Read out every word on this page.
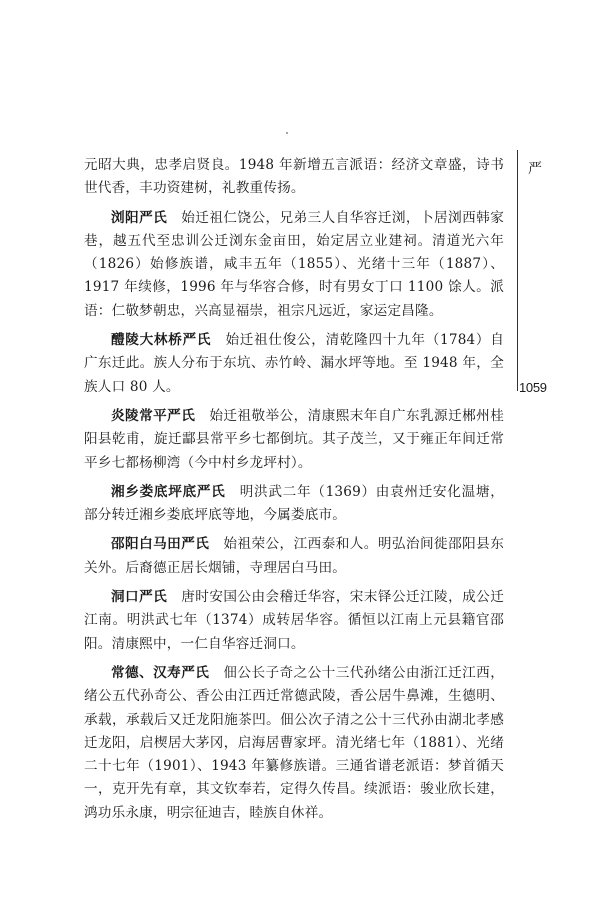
元昭大典，忠孝启贤良。1948 年新增五言派语：经济文章盛，诗书世代香，丰功资建树，礼教重传扬。

浏阳严氏　 始迁祖仁饶公，兄弟三人自华容迁浏，卜居浏西韩家巷，越五代至忠训公迁浏东金亩田，始定居立业建祠。清道光六年（1826）始修族谱，咸丰五年（1855）、光绪十三年（1887）、1917 年续修，1996 年与华容合修，时有男女丁口 1100 馀人。派语：仁敬梦朝忠，兴高显福崇，祖宗凡远近，家运定昌隆。

醴陵大林桥严氏　 始迁祖仕俊公，清乾隆四十九年（1784）自广东迁此。族人分布于东坑、赤竹岭、漏水坪等地。至 1948 年，全族人口 80 人。

炎陵常平严氏　 始迁祖敬举公，清康熙末年自广东乳源迁郴州桂阳县乾甫，旋迁酃县常平乡七都倒坑。其子茂兰，又于雍正年间迁常平乡七都杨柳湾（今中村乡龙坪村）。

湘乡娄底坪底严氏　 明洪武二年（1369）由袁州迁安化温塘，部分转迁湘乡娄底坪底等地，今属娄底市。

邵阳白马田严氏　 始祖荣公，江西泰和人。明弘治间徙邵阳县东关外。后裔德正居长烟铺，寺理居白马田。

洞口严氏　 唐时安国公由会稽迁华容，宋末铎公迁江陵，成公迁江南。明洪武七年（1374）成转居华容。循恒以江南上元县籍官邵阳。清康熙中，一仁自华容迁洞口。

常德、汉寿严氏　 佃公长子奇之公十三代孙绪公由浙江迁江西，绪公五代孙奇公、香公由江西迁常德武陵，香公居牛鼻滩，生德明、承载，承载后又迁龙阳施茶凹。佃公次子清之公十三代孙由湖北孝感迁龙阳，启楔居大茅冈，启海居曹家坪。清光绪七年（1881）、光绪二十七年（1901）、1943 年纂修族谱。三通省谱老派语：梦首循天一，克开先有章，其文钦奉若，定得久传昌。续派语：骏业欣长建，鸿功乐永康，明宗征迪吉，睦族自休祥。

严
1059
